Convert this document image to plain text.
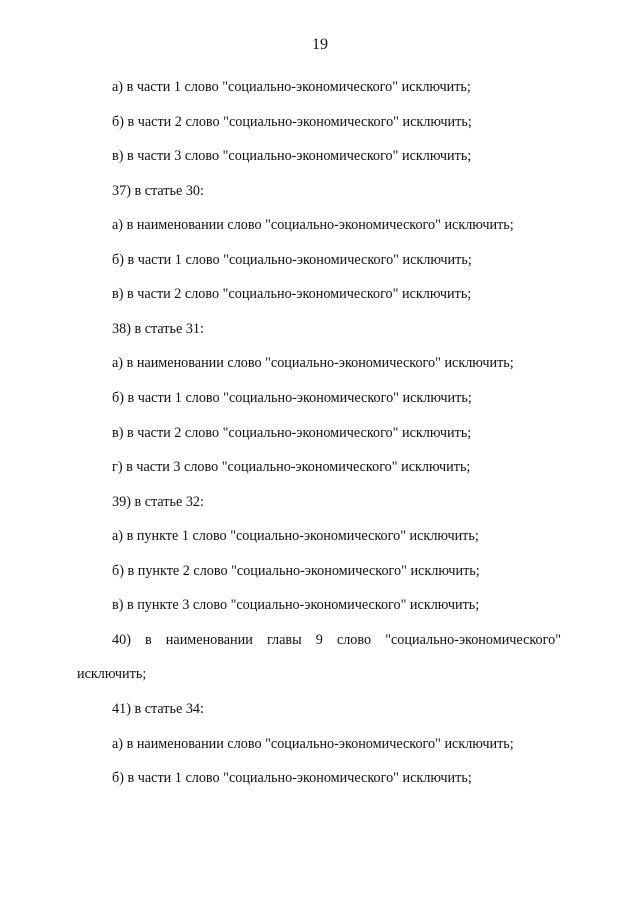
19
а) в части 1 слово "социально-экономического" исключить;
б) в части 2 слово "социально-экономического" исключить;
в) в части 3 слово "социально-экономического" исключить;
37) в статье 30:
а) в наименовании слово "социально-экономического" исключить;
б) в части 1 слово "социально-экономического" исключить;
в) в части 2 слово "социально-экономического" исключить;
38) в статье 31:
а) в наименовании слово "социально-экономического" исключить;
б) в части 1 слово "социально-экономического" исключить;
в) в части 2 слово "социально-экономического" исключить;
г) в части 3 слово "социально-экономического" исключить;
39) в статье 32:
а) в пункте 1 слово "социально-экономического" исключить;
б) в пункте 2 слово "социально-экономического" исключить;
в) в пункте 3 слово "социально-экономического" исключить;
40) в наименовании главы 9 слово "социально-экономического"
исключить;
41) в статье 34:
а) в наименовании слово "социально-экономического" исключить;
б) в части 1 слово "социально-экономического" исключить;
